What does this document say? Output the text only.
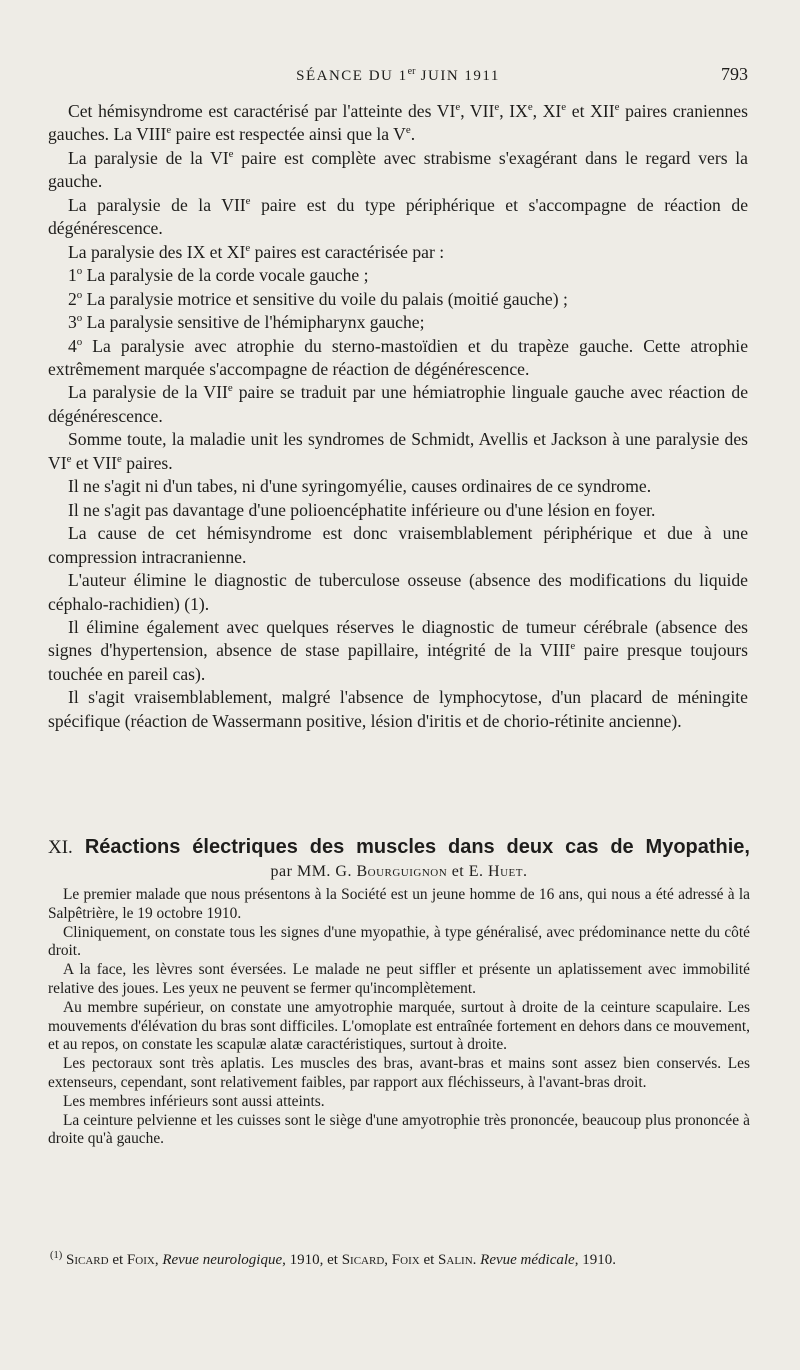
SÉANCE DU 1er JUIN 1911	793

Cet hémisyndrome est caractérisé par l'atteinte des VIe, VIIe, IXe, XIe et XIIe paires craniennes gauches. La VIIIe paire est respectée ainsi que la Ve.

La paralysie de la VIe paire est complète avec strabisme s'exagérant dans le regard vers la gauche.

La paralysie de la VIIe paire est du type périphérique et s'accompagne de réaction de dégénérescence.

La paralysie des IX et XIe paires est caractérisée par :

1$^o$ La paralysie de la corde vocale gauche ;

2$^o$ La paralysie motrice et sensitive du voile du palais (moitié gauche) ;

3$^o$ La paralysie sensitive de l'hémipharynx gauche;

4$^o$ La paralysie avec atrophie du sterno-mastoïdien et du trapèze gauche. Cette atrophie extrêmement marquée s'accompagne de réaction de dégénérescence.

La paralysie de la VIIe paire se traduit par une hémiatrophie linguale gauche avec réaction de dégénérescence.

Somme toute, la maladie unit les syndromes de Schmidt, Avellis et Jackson à une paralysie des VIe et VIIe paires.

Il ne s'agit ni d'un tabes, ni d'une syringomyélie, causes ordinaires de ce syndrome.

Il ne s'agit pas davantage d'une polioencéphatite inférieure ou d'une lésion en foyer.

La cause de cet hémisyndrome est donc vraisemblablement périphérique et due à une compression intracranienne.

L'auteur élimine le diagnostic de tuberculose osseuse (absence des modifications du liquide céphalo-rachidien) (1).

Il élimine également avec quelques réserves le diagnostic de tumeur cérébrale (absence des signes d'hypertension, absence de stase papillaire, intégrité de la VIIIe paire presque toujours touchée en pareil cas).

Il s'agit vraisemblablement, malgré l'absence de lymphocytose, d'un placard de méningite spécifique (réaction de Wassermann positive, lésion d'iritis et de chorio-rétinite ancienne).

XI. Réactions électriques des muscles dans deux cas de Myopathie,
par MM. G. Bourguignon et E. Huet.

Le premier malade que nous présentons à la Société est un jeune homme de 16 ans, qui nous a été adressé à la Salpêtrière, le 19 octobre 1910.

Cliniquement, on constate tous les signes d'une myopathie, à type généralisé, avec prédominance nette du côté droit.

A la face, les lèvres sont éversées. Le malade ne peut siffler et présente un aplatissement avec immobilité relative des joues. Les yeux ne peuvent se fermer qu'incomplètement.

Au membre supérieur, on constate une amyotrophie marquée, surtout à droite de la ceinture scapulaire. Les mouvements d'élévation du bras sont difficiles. L'omoplate est entraînée fortement en dehors dans ce mouvement, et au repos, on constate les scapulæ alatæ caractéristiques, surtout à droite.

Les pectoraux sont très aplatis. Les muscles des bras, avant-bras et mains sont assez bien conservés. Les extenseurs, cependant, sont relativement faibles, par rapport aux fléchisseurs, à l'avant-bras droit.

Les membres inférieurs sont aussi atteints.

La ceinture pelvienne et les cuisses sont le siège d'une amyotrophie très prononcée, beaucoup plus prononcée à droite qu'à gauche.

$^{(1)}$ Sicard et Foix, Revue neurologique, 1910, et Sicard, Foix et Salin. Revue médicale, 1910.
